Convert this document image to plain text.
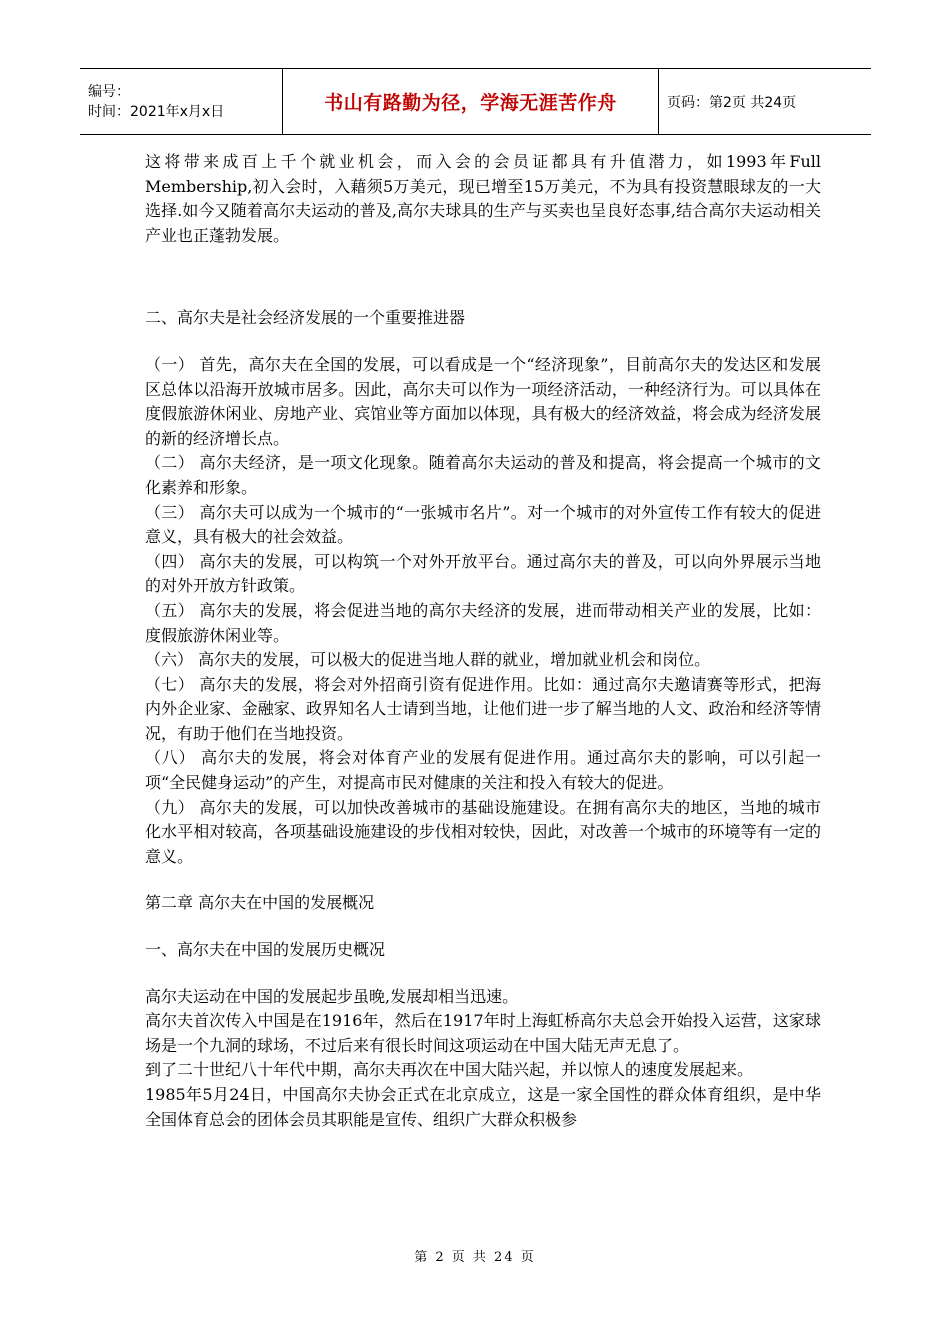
编号：
时间：2021年x月x日	书山有路勤为径，学海无涯苦作舟	页码：第2页 共24页

这将带来成百上千个就业机会，而入会的会员证都具有升值潜力，如1993年Full Membership,初入会时，入藉须5万美元，现已增至15万美元，不为具有投资慧眼球友的一大选择.如今又随着高尔夫运动的普及,高尔夫球具的生产与买卖也呈良好态事,结合高尔夫运动相关产业也正蓬勃发展。

二、高尔夫是社会经济发展的一个重要推进器

（一） 首先，高尔夫在全国的发展，可以看成是一个“经济现象”，目前高尔夫的发达区和发展区总体以沿海开放城市居多。因此，高尔夫可以作为一项经济活动，一种经济行为。可以具体在度假旅游休闲业、房地产业、宾馆业等方面加以体现，具有极大的经济效益，将会成为经济发展的新的经济增长点。

（二） 高尔夫经济，是一项文化现象。随着高尔夫运动的普及和提高，将会提高一个城市的文化素养和形象。

（三） 高尔夫可以成为一个城市的“一张城市名片”。对一个城市的对外宣传工作有较大的促进意义，具有极大的社会效益。

（四） 高尔夫的发展，可以构筑一个对外开放平台。通过高尔夫的普及，可以向外界展示当地的对外开放方针政策。

（五） 高尔夫的发展，将会促进当地的高尔夫经济的发展，进而带动相关产业的发展，比如：度假旅游休闲业等。

（六） 高尔夫的发展，可以极大的促进当地人群的就业，增加就业机会和岗位。

（七） 高尔夫的发展，将会对外招商引资有促进作用。比如：通过高尔夫邀请赛等形式，把海内外企业家、金融家、政界知名人士请到当地，让他们进一步了解当地的人文、政治和经济等情况，有助于他们在当地投资。

（八） 高尔夫的发展，将会对体育产业的发展有促进作用。通过高尔夫的影响，可以引起一项“全民健身运动”的产生，对提高市民对健康的关注和投入有较大的促进。

（九） 高尔夫的发展，可以加快改善城市的基础设施建设。在拥有高尔夫的地区，当地的城市化水平相对较高，各项基础设施建设的步伐相对较快，因此，对改善一个城市的环境等有一定的意义。

第二章 高尔夫在中国的发展概况

一、高尔夫在中国的发展历史概况

高尔夫运动在中国的发展起步虽晚,发展却相当迅速。

高尔夫首次传入中国是在1916年，然后在1917年时上海虹桥高尔夫总会开始投入运营，这家球场是一个九洞的球场，不过后来有很长时间这项运动在中国大陆无声无息了。

到了二十世纪八十年代中期，高尔夫再次在中国大陆兴起，并以惊人的速度发展起来。

1985年5月24日，中国高尔夫协会正式在北京成立，这是一家全国性的群众体育组织，是中华全国体育总会的团体会员其职能是宣传、组织广大群众积极参

第 2 页 共 24 页
